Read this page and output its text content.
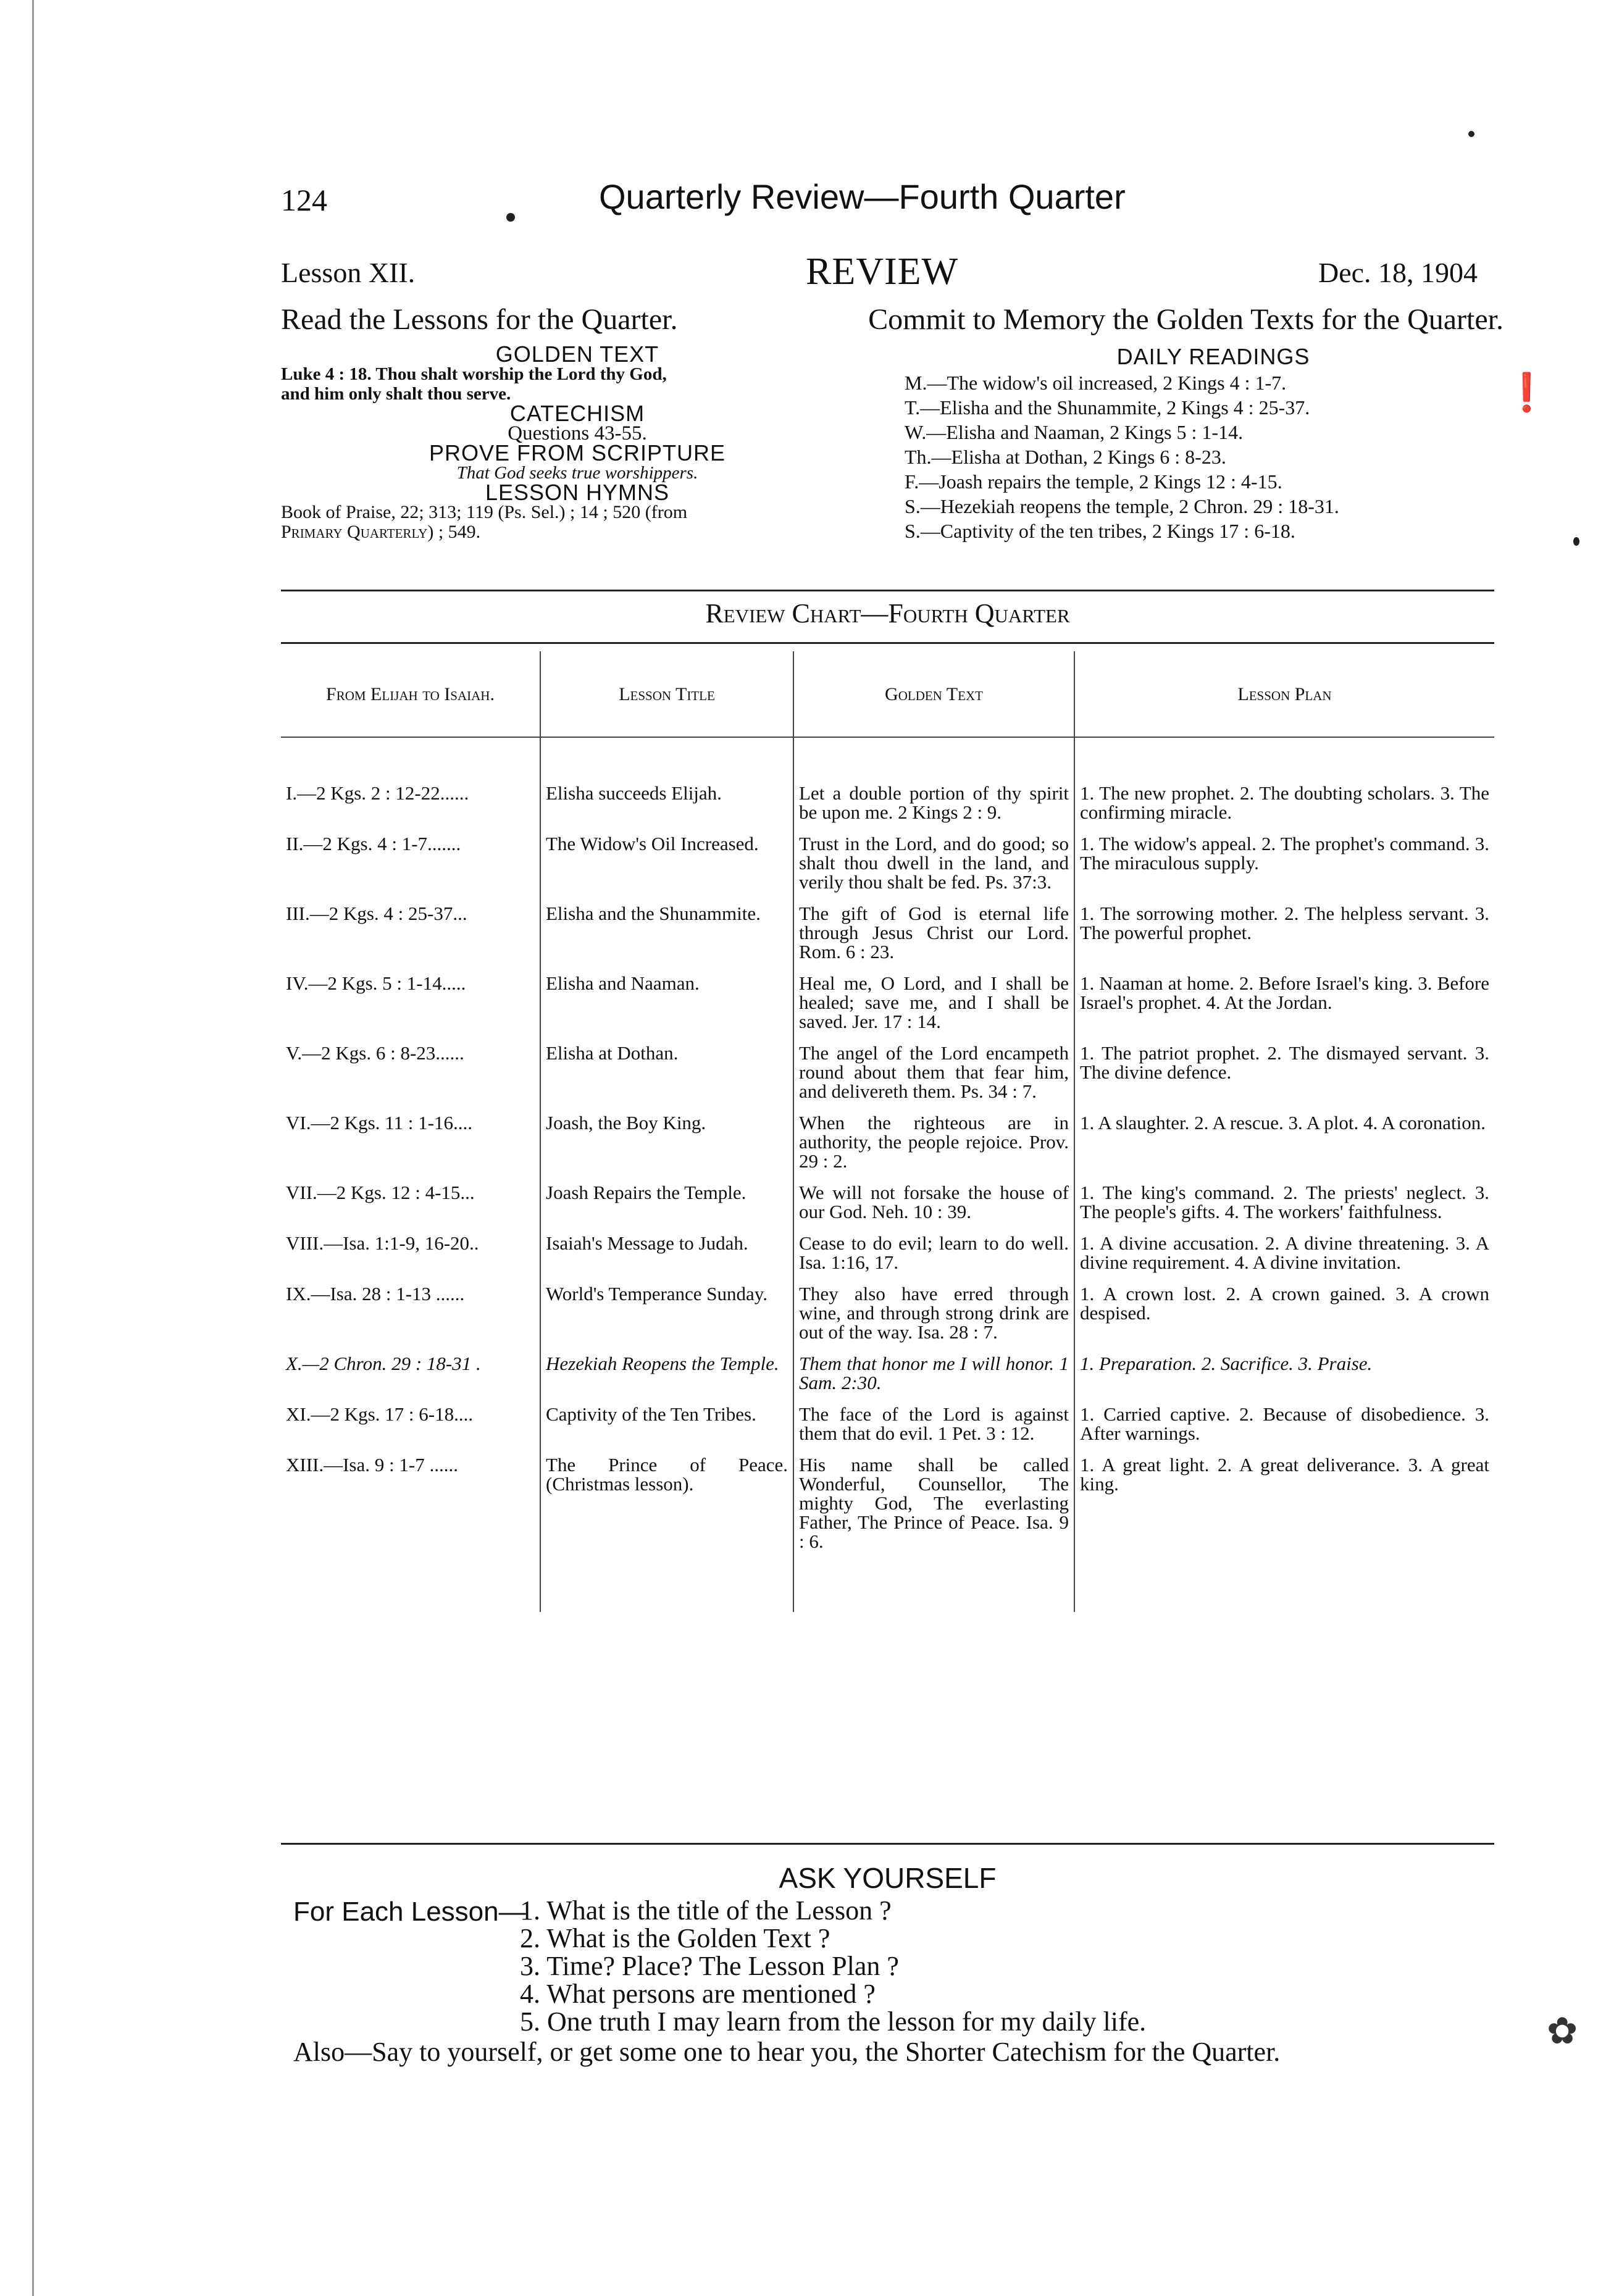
124	Quarterly Review—Fourth Quarter
Lesson XII.	REVIEW	Dec. 18, 1904
Read the Lessons for the Quarter.	Commit to Memory the Golden Texts for the Quarter.
GOLDEN TEXT
Luke 4 : 18. Thou shalt worship the Lord thy God,
and him only shalt thou serve.
CATECHISM
Questions 43-55.
PROVE FROM SCRIPTURE
That God seeks true worshippers.
LESSON HYMNS
Book of Praise, 22; 313; 119 (Ps. Sel.) ; 14 ; 520 (from
Primary Quarterly) ; 549.
DAILY READINGS
M.—The widow's oil increased, 2 Kings 4 : 1-7.
T.—Elisha and the Shunammite, 2 Kings 4 : 25-37.
W.—Elisha and Naaman, 2 Kings 5 : 1-14.
Th.—Elisha at Dothan, 2 Kings 6 : 8-23.
F.—Joash repairs the temple, 2 Kings 12 : 4-15.
S.—Hezekiah reopens the temple, 2 Chron. 29 : 18-31.
S.—Captivity of the ten tribes, 2 Kings 17 : 6-18.
Review Chart—Fourth Quarter
From Elijah to Isaiah.	Lesson Title	Golden Text	Lesson Plan
I.—2 Kgs. 2 : 12-22......	Elisha succeeds Elijah.	Let a double portion of thy spirit be upon me. 2 Kings 2 : 9.	1. The new prophet. 2. The doubting scholars. 3. The confirming miracle.
II.—2 Kgs. 4 : 1-7.......	The Widow's Oil Increased.	Trust in the Lord, and do good; so shalt thou dwell in the land, and verily thou shalt be fed. Ps. 37:3.	1. The widow's appeal. 2. The prophet's command. 3. The miraculous supply.
III.—2 Kgs. 4 : 25-37...	Elisha and the Shunammite.	The gift of God is eternal life through Jesus Christ our Lord. Rom. 6 : 23.	1. The sorrowing mother. 2. The helpless servant. 3. The powerful prophet.
IV.—2 Kgs. 5 : 1-14.....	Elisha and Naaman.	Heal me, O Lord, and I shall be healed; save me, and I shall be saved. Jer. 17 : 14.	1. Naaman at home. 2. Before Israel's king. 3. Before Israel's prophet. 4. At the Jordan.
V.—2 Kgs. 6 : 8-23......	Elisha at Dothan.	The angel of the Lord encampeth round about them that fear him, and delivereth them. Ps. 34 : 7.	1. The patriot prophet. 2. The dismayed servant. 3. The divine defence.
VI.—2 Kgs. 11 : 1-16....	Joash, the Boy King.	When the righteous are in authority, the people rejoice. Prov. 29 : 2.	1. A slaughter. 2. A rescue. 3. A plot. 4. A coronation.
VII.—2 Kgs. 12 : 4-15...	Joash Repairs the Temple.	We will not forsake the house of our God. Neh. 10 : 39.	1. The king's command. 2. The priests' neglect. 3. The people's gifts. 4. The workers' faithfulness.
VIII.—Isa. 1:1-9, 16-20..	Isaiah's Message to Judah.	Cease to do evil; learn to do well. Isa. 1:16, 17.	1. A divine accusation. 2. A divine threatening. 3. A divine requirement. 4. A divine invitation.
IX.—Isa. 28 : 1-13 ......	World's Temperance Sunday.	They also have erred through wine, and through strong drink are out of the way. Isa. 28 : 7.	1. A crown lost. 2. A crown gained. 3. A crown despised.
X.—2 Chron. 29 : 18-31 .	Hezekiah Reopens the Temple.	Them that honor me I will honor. 1 Sam. 2:30.	1. Preparation. 2. Sacrifice. 3. Praise.
XI.—2 Kgs. 17 : 6-18....	Captivity of the Ten Tribes.	The face of the Lord is against them that do evil. 1 Pet. 3 : 12.	1. Carried captive. 2. Because of disobedience. 3. After warnings.
XIII.—Isa. 9 : 1-7 ......	The Prince of Peace. (Christmas lesson).	His name shall be called Wonderful, Counsellor, The mighty God, The everlasting Father, The Prince of Peace. Isa. 9 : 6.	1. A great light. 2. A great deliverance. 3. A great king.
ASK YOURSELF
For Each Lesson—
1. What is the title of the Lesson ?
2. What is the Golden Text ?
3. Time? Place? The Lesson Plan ?
4. What persons are mentioned ?
5. One truth I may learn from the lesson for my daily life.
Also—Say to yourself, or get some one to hear you, the Shorter Catechism for the Quarter.
❗
✿
